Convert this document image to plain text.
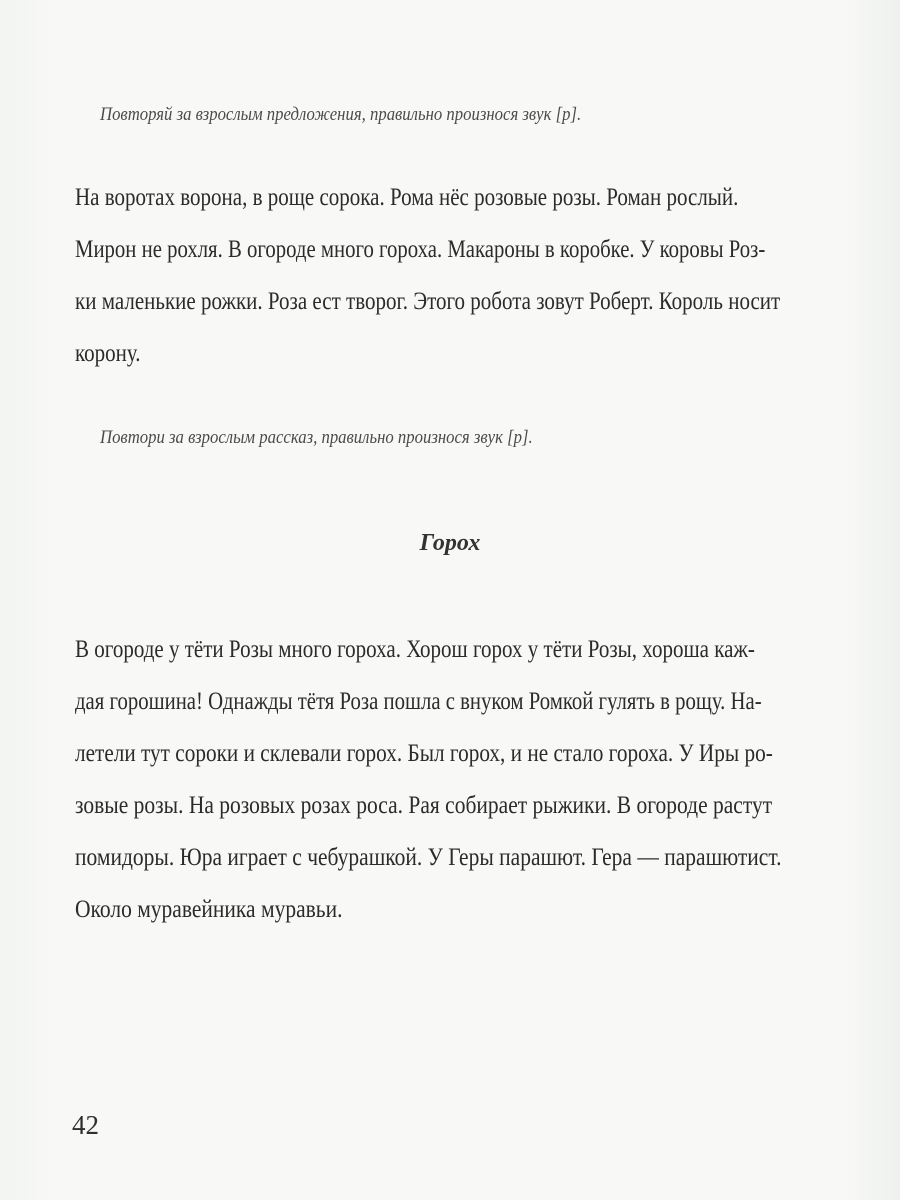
Повторяй за взрослым предложения, правильно произнося звук [р].
На воротах ворона, в роще сорока. Рома нёс розовые розы. Роман рослый.
Мирон не рохля. В огороде много гороха. Макароны в коробке. У коровы Роз-
ки маленькие рожки. Роза ест творог. Этого робота зовут Роберт. Король носит
корону.
Повтори за взрослым рассказ, правильно произнося звук [р].
Горох
В огороде у тёти Розы много гороха. Хорош горох у тёти Розы, хороша каж-
дая горошина! Однажды тётя Роза пошла с внуком Ромкой гулять в рощу. На-
летели тут сороки и склевали горох. Был горох, и не стало гороха. У Иры ро-
зовые розы. На розовых розах роса. Рая собирает рыжики. В огороде растут
помидоры. Юра играет с чебурашкой. У Геры парашют. Гера — парашютист.
Около муравейника муравьи.
42
